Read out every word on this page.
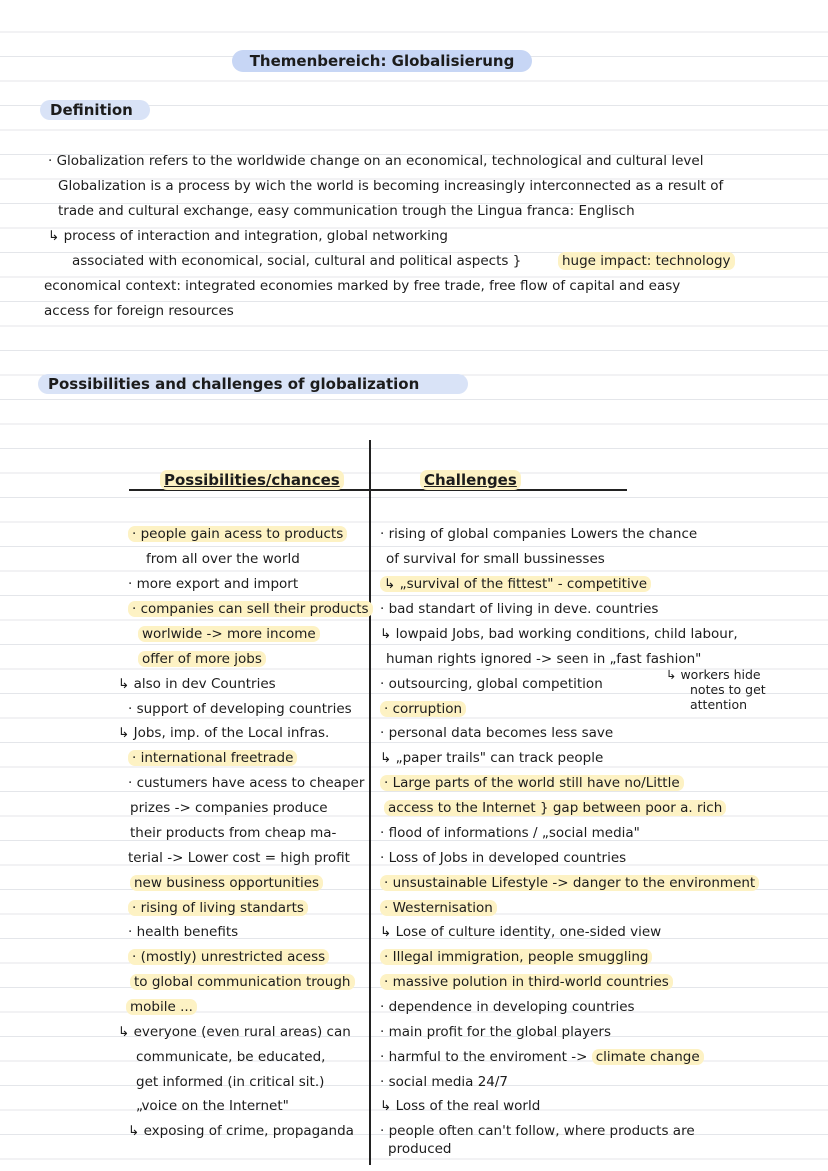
Themenbereich: Globalisierung
Definition
· Globalization refers to the worldwide change on an economical, technological and cultural level
Globalization is a process by wich the world is becoming increasingly interconnected as a result of
trade and cultural exchange, easy communication trough the Lingua franca: Englisch
↳ process of interaction and integration, global networking
associated with economical, social, cultural and political aspects }	huge impact: technology
economical context: integrated economies marked by free trade, free flow of capital and easy
access for foreign resources
Possibilities and challenges of globalization
Possibilities/chances	Challenges
· people gain acess to products
from all over the world
· more export and import
· companies can sell their products
worlwide -> more income
offer of more jobs
↳ also in dev Countries
· support of developing countries
↳ Jobs, imp. of the Local infras.
· international freetrade
· custumers have acess to cheaper
prizes -> companies produce
their products from cheap ma-
terial -> Lower cost = high profit
new business opportunities
· rising of living standarts
· health benefits
· (mostly) unrestricted acess
to global communication trough
mobile ...
↳ everyone (even rural areas) can
communicate, be educated,
get informed (in critical sit.)
„voice on the Internet"
↳ exposing of crime, propaganda
· rising of global companies Lowers the chance
of survival for small bussinesses
↳ „survival of the fittest" - competitive
· bad standart of living in deve. countries
↳ lowpaid Jobs, bad working conditions, child labour,
human rights ignored -> seen in „fast fashion"
· outsourcing, global competition
· corruption
· personal data becomes less save
↳ „paper trails" can track people
· Large parts of the world still have no/Little
access to the Internet } gap between poor a. rich
· flood of informations / „social media"
· Loss of Jobs in developed countries
· unsustainable Lifestyle -> danger to the environment
· Westernisation
↳ Lose of culture identity, one-sided view
· Illegal immigration, people smuggling
· massive polution in third-world countries
· dependence in developing countries
· main profit for the global players
· harmful to the enviroment -> climate change
· social media 24/7
↳ Loss of the real world
· people often can't follow, where products are
produced
↳ workers hide
notes to get
attention
